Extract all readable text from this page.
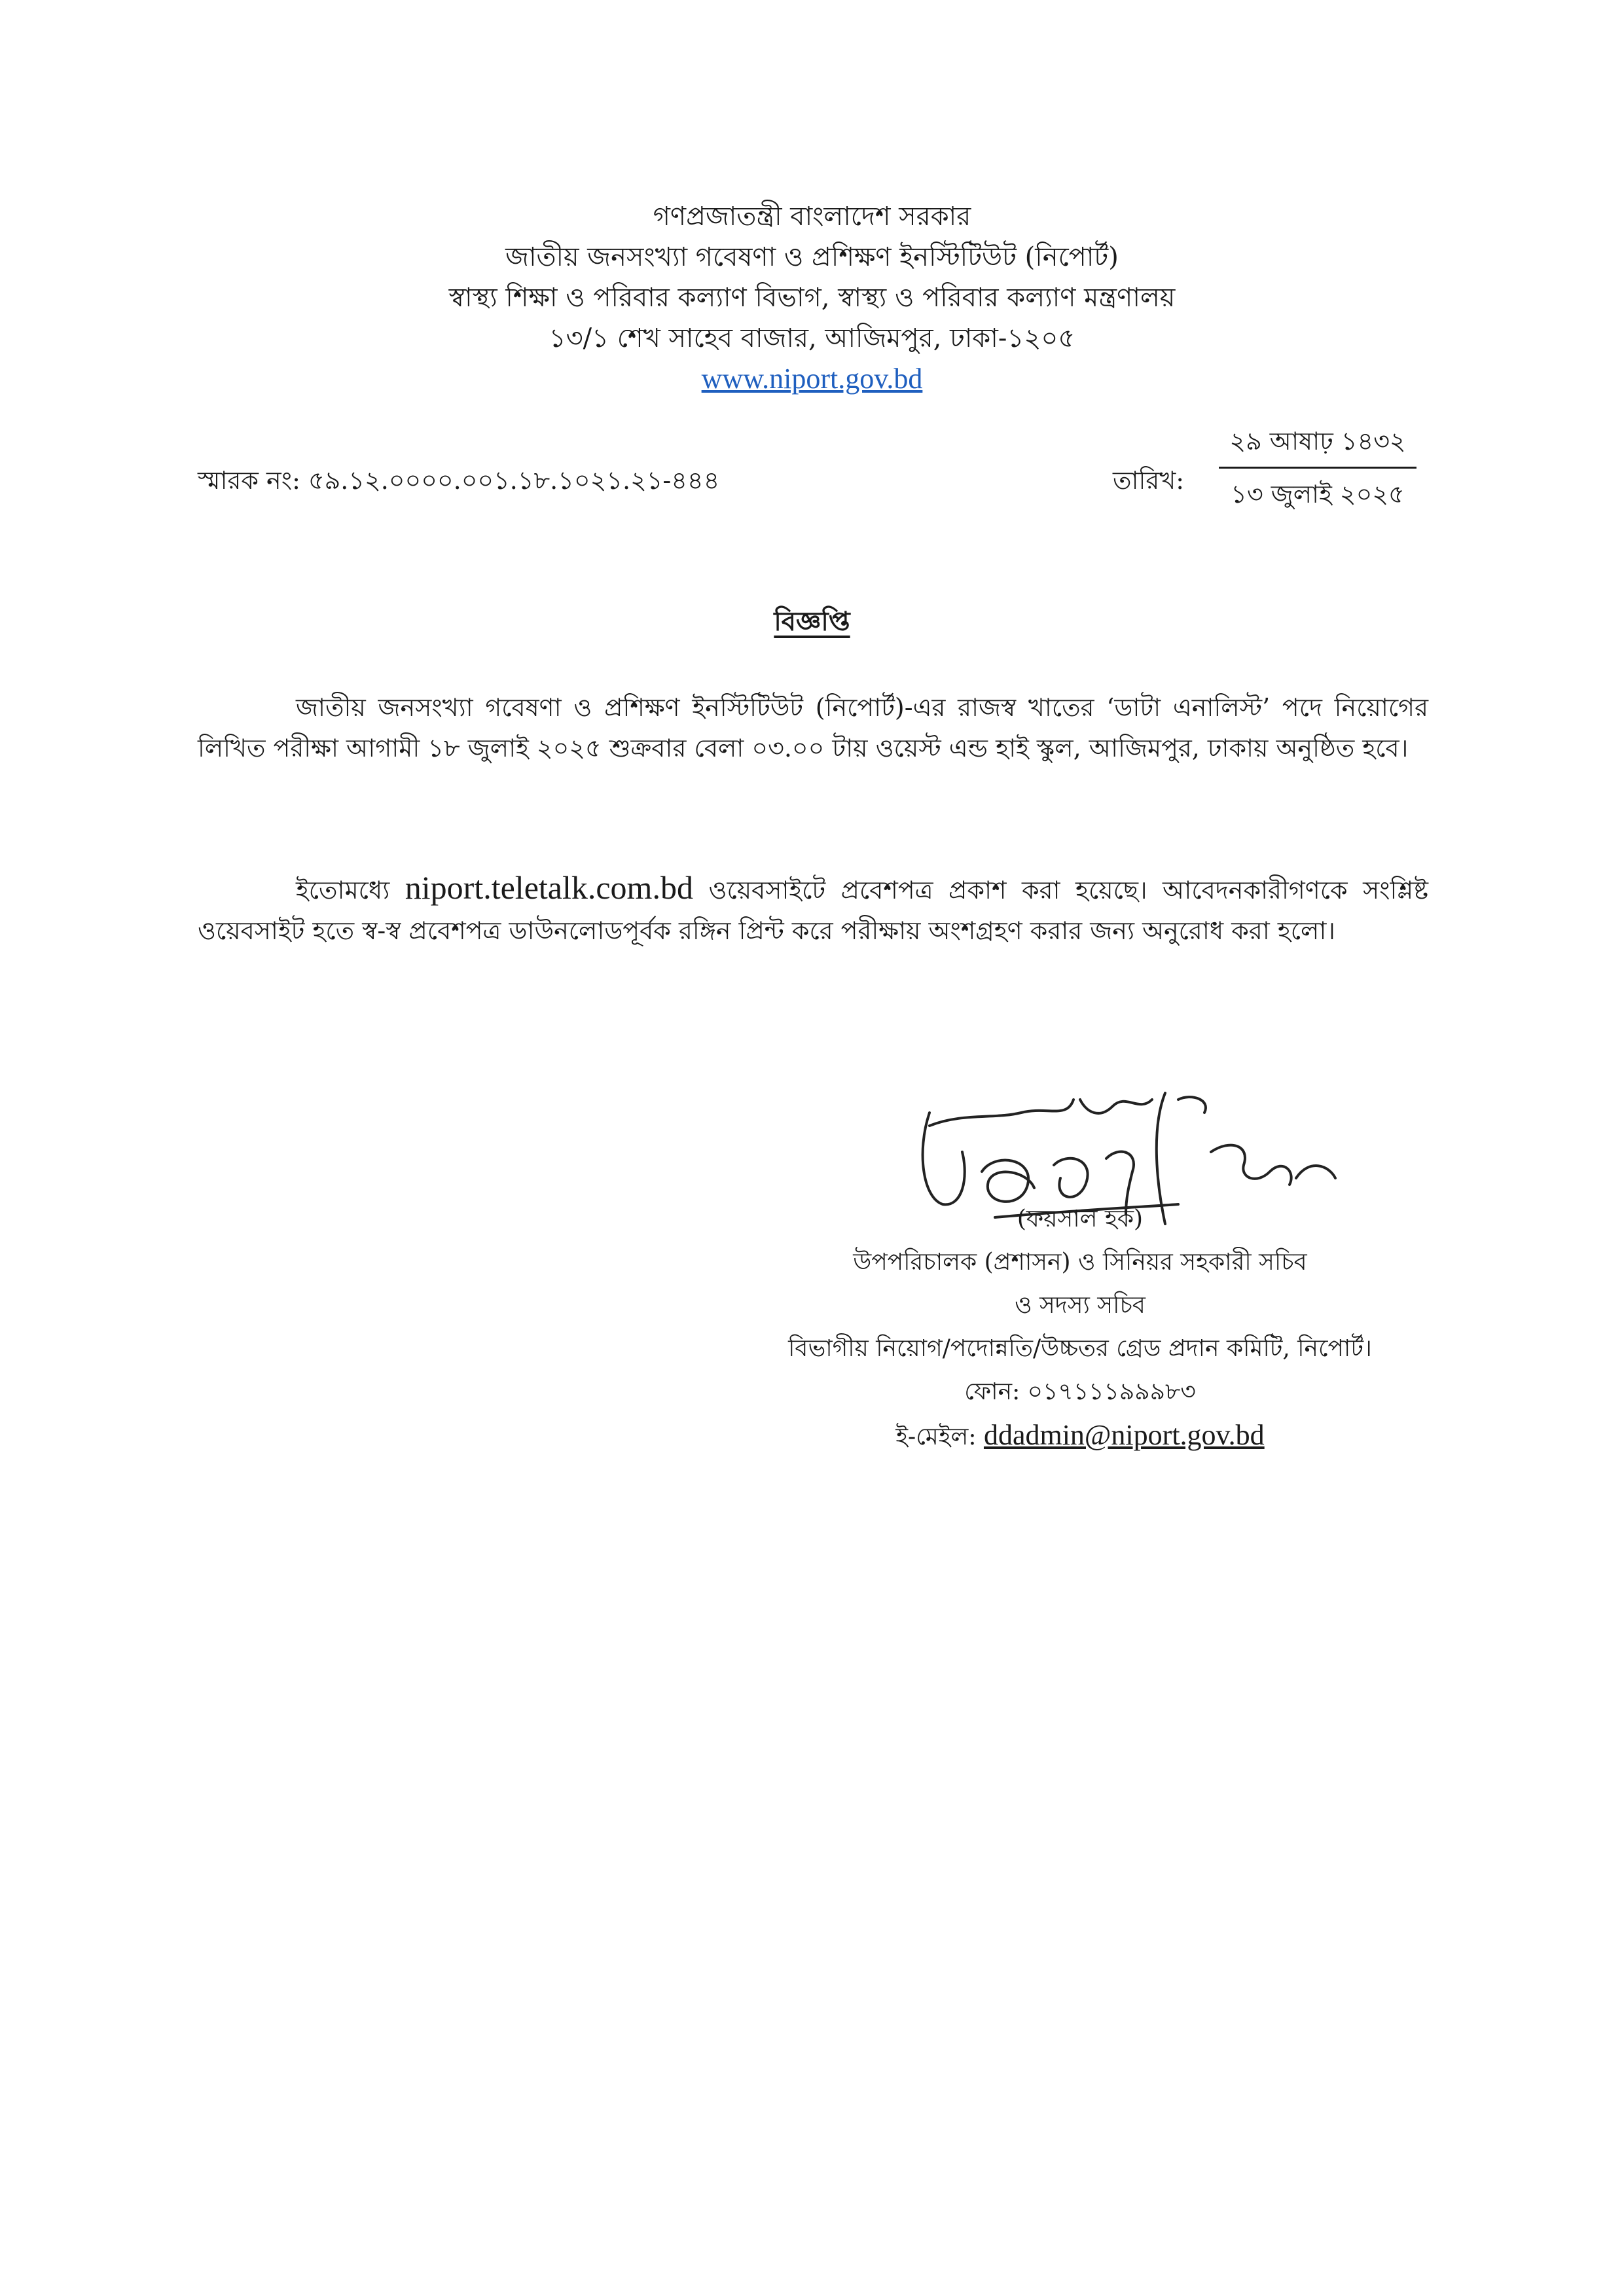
গণপ্রজাতন্ত্রী বাংলাদেশ সরকার
জাতীয় জনসংখ্যা গবেষণা ও প্রশিক্ষণ ইনস্টিটিউট (নিপোর্ট)
স্বাস্থ্য শিক্ষা ও পরিবার কল্যাণ বিভাগ, স্বাস্থ্য ও পরিবার কল্যাণ মন্ত্রণালয়
১৩/১ শেখ সাহেব বাজার, আজিমপুর, ঢাকা-১২০৫
www.niport.gov.bd
স্মারক নং: ৫৯.১২.০০০০.০০১.১৮.১০২১.২১-৪৪৪	তারিখ:
২৯ আষাঢ় ১৪৩২
১৩ জুলাই ২০২৫
বিজ্ঞপ্তি

জাতীয় জনসংখ্যা গবেষণা ও প্রশিক্ষণ ইনস্টিটিউট (নিপোর্ট)-এর রাজস্ব খাতের ‘ডাটা এনালিস্ট’ পদে নিয়োগের লিখিত পরীক্ষা আগামী ১৮ জুলাই ২০২৫ শুক্রবার বেলা ০৩.০০ টায় ওয়েস্ট এন্ড হাই স্কুল, আজিমপুর, ঢাকায় অনুষ্ঠিত হবে।

ইতোমধ্যে niport.teletalk.com.bd ওয়েবসাইটে প্রবেশপত্র প্রকাশ করা হয়েছে। আবেদনকারীগণকে সংশ্লিষ্ট ওয়েবসাইট হতে স্ব-স্ব প্রবেশপত্র ডাউনলোডপূর্বক রঙ্গিন প্রিন্ট করে পরীক্ষায় অংশগ্রহণ করার জন্য অনুরোধ করা হলো।

(ফয়সাল হক)
উপপরিচালক (প্রশাসন) ও সিনিয়র সহকারী সচিব
ও সদস্য সচিব
বিভাগীয় নিয়োগ/পদোন্নতি/উচ্চতর গ্রেড প্রদান কমিটি, নিপোর্ট।
ফোন: ০১৭১১১৯৯৯৮৩
ই-মেইল: ddadmin@niport.gov.bd
